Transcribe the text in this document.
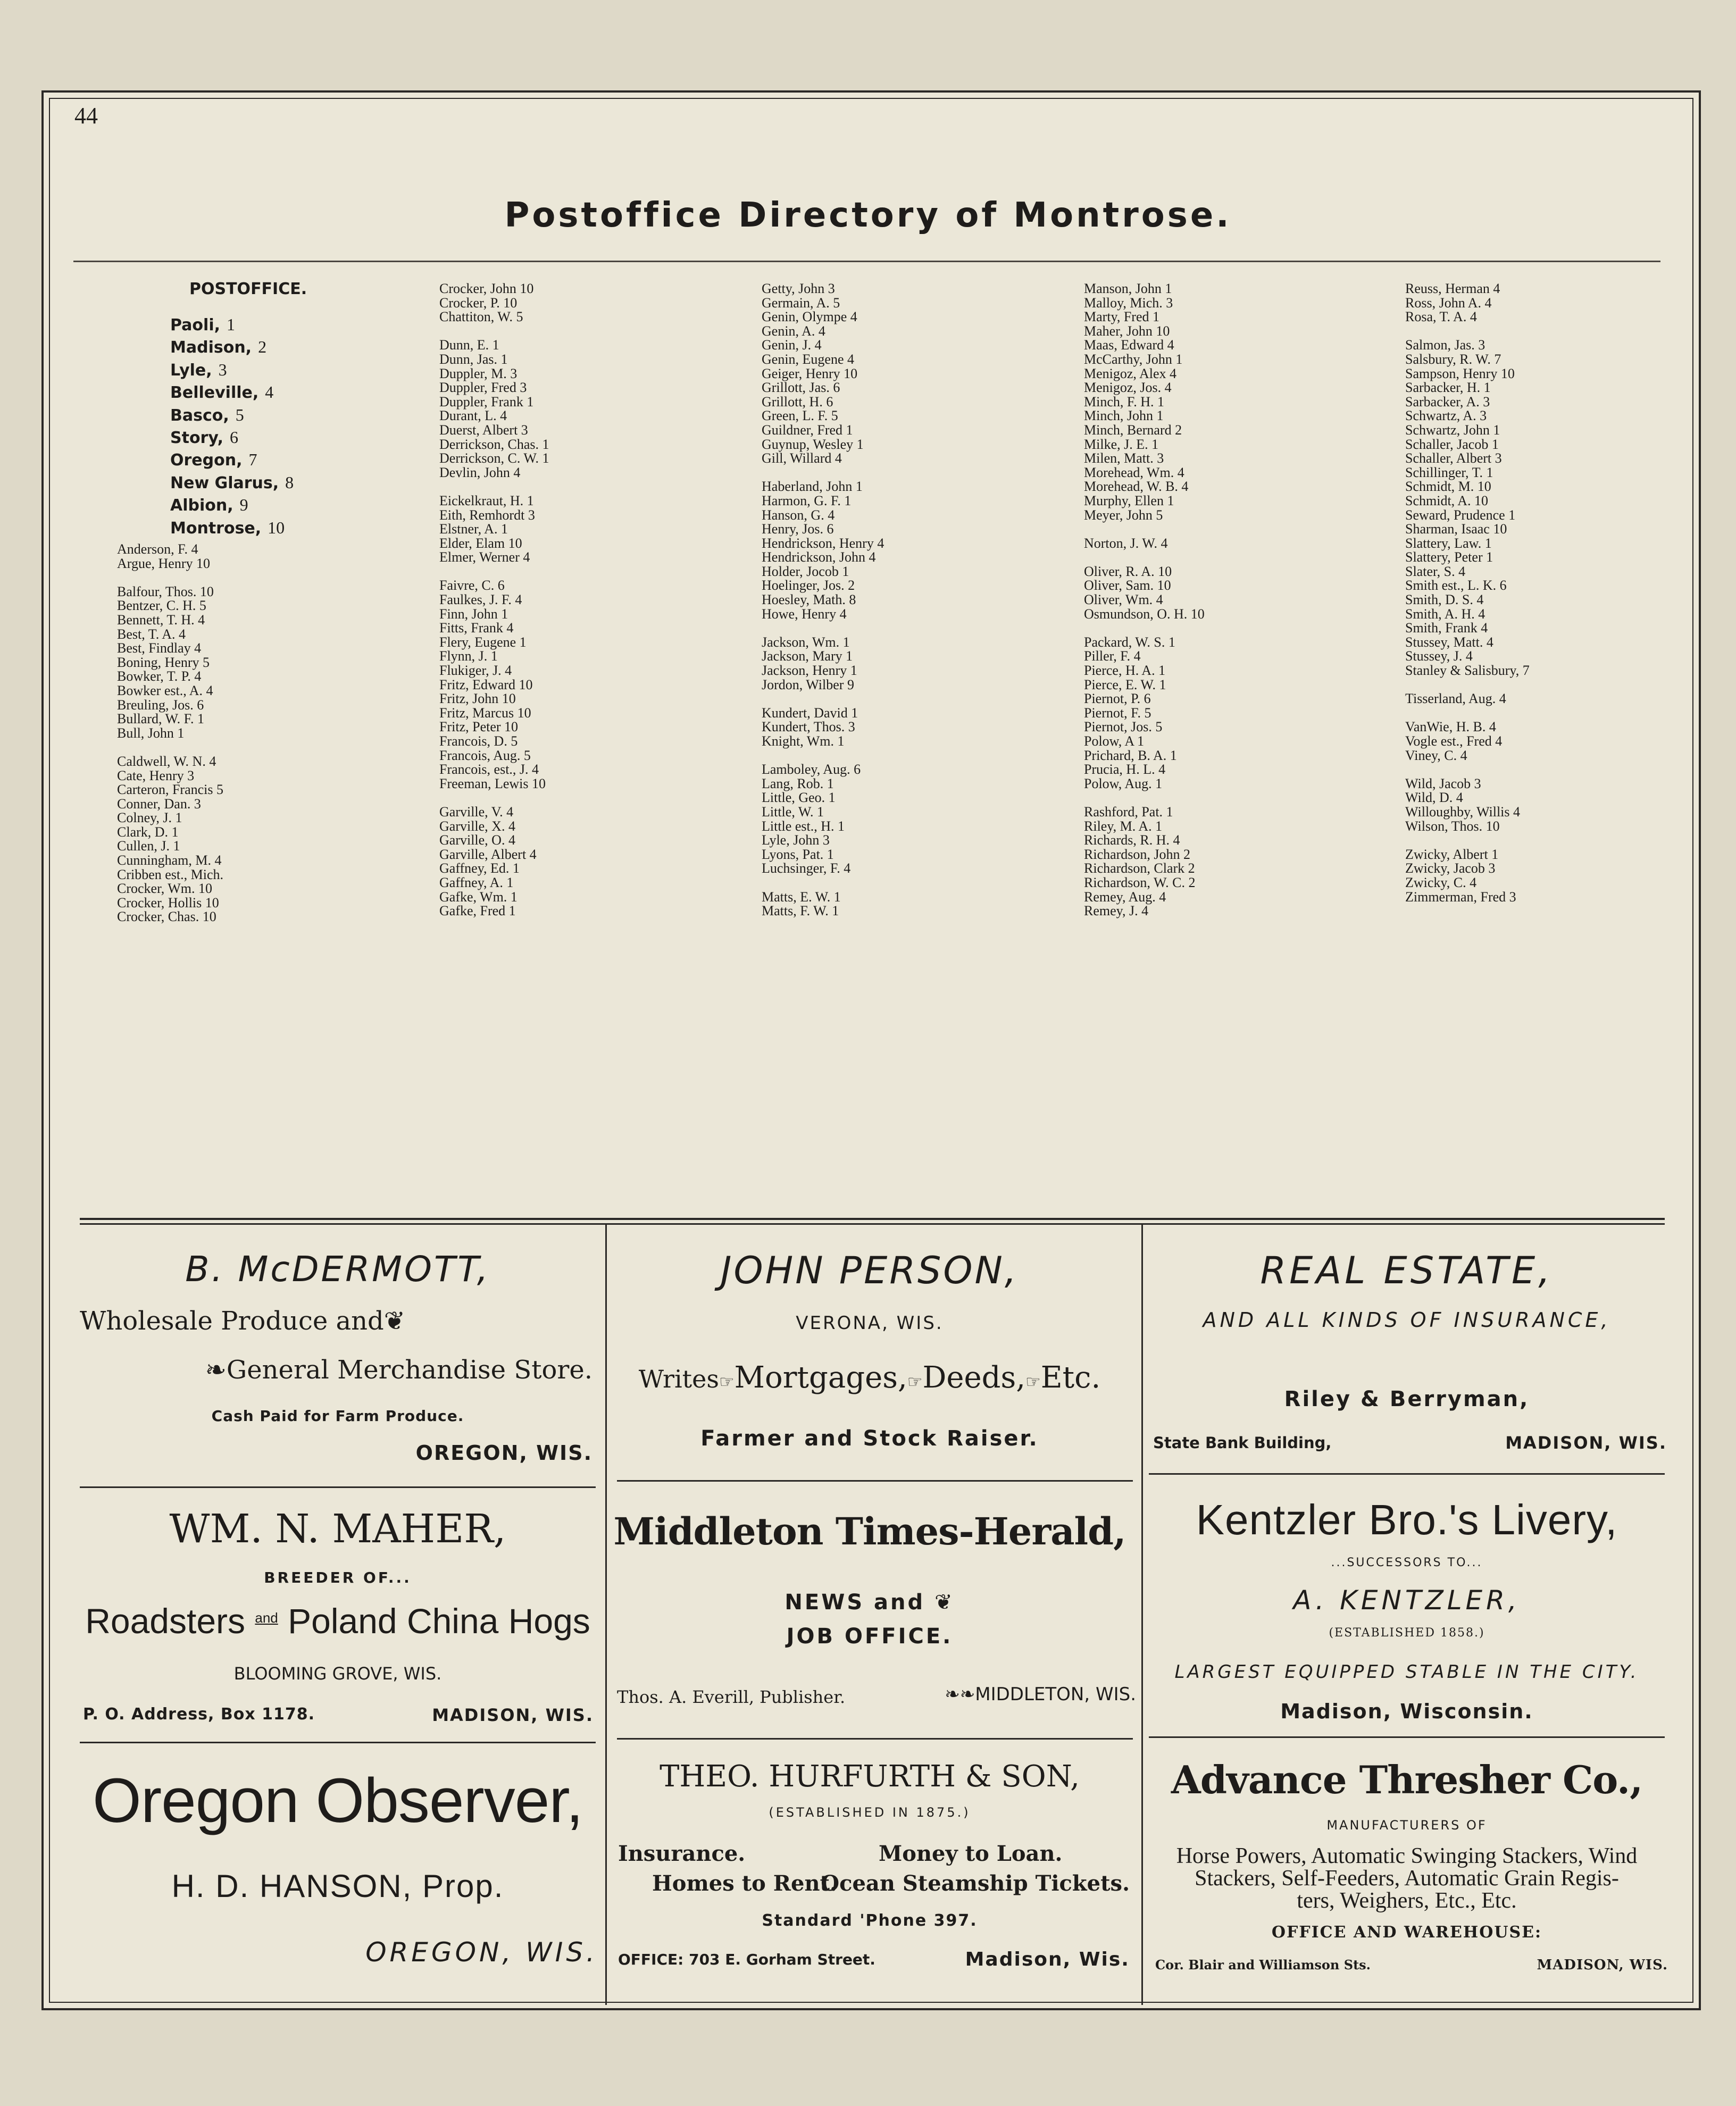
44
Postoffice Directory of Montrose.
POSTOFFICE.
Paoli, 1
Madison, 2
Lyle, 3
Belleville, 4
Basco, 5
Story, 6
Oregon, 7
New Glarus, 8
Albion, 9
Montrose, 10
Anderson, F. 4
Argue, Henry 10
Balfour, Thos. 10
Bentzer, C. H. 5
Bennett, T. H. 4
Best, T. A. 4
Best, Findlay 4
Boning, Henry 5
Bowker, T. P. 4
Bowker est., A. 4
Breuling, Jos. 6
Bullard, W. F. 1
Bull, John 1
Caldwell, W. N. 4
Cate, Henry 3
Carteron, Francis 5
Conner, Dan. 3
Colney, J. 1
Clark, D. 1
Cullen, J. 1
Cunningham, M. 4
Cribben est., Mich.
Crocker, Wm. 10
Crocker, Hollis 10
Crocker, Chas. 10
Crocker, John 10
Crocker, P. 10
Chattiton, W. 5
Dunn, E. 1
Dunn, Jas. 1
Duppler, M. 3
Duppler, Fred 3
Duppler, Frank 1
Durant, L. 4
Duerst, Albert 3
Derrickson, Chas. 1
Derrickson, C. W. 1
Devlin, John 4
Eickelkraut, H. 1
Eith, Remhordt 3
Elstner, A. 1
Elder, Elam 10
Elmer, Werner 4
Faivre, C. 6
Faulkes, J. F. 4
Finn, John 1
Fitts, Frank 4
Flery, Eugene 1
Flynn, J. 1
Flukiger, J. 4
Fritz, Edward 10
Fritz, John 10
Fritz, Marcus 10
Fritz, Peter 10
Francois, D. 5
Francois, Aug. 5
Francois, est., J. 4
Freeman, Lewis 10
Garville, V. 4
Garville, X. 4
Garville, O. 4
Garville, Albert 4
Gaffney, Ed. 1
Gaffney, A. 1
Gafke, Wm. 1
Gafke, Fred 1
Getty, John 3
Germain, A. 5
Genin, Olympe 4
Genin, A. 4
Genin, J. 4
Genin, Eugene 4
Geiger, Henry 10
Grillott, Jas. 6
Grillott, H. 6
Green, L. F. 5
Guildner, Fred 1
Guynup, Wesley 1
Gill, Willard 4
Haberland, John 1
Harmon, G. F. 1
Hanson, G. 4
Henry, Jos. 6
Hendrickson, Henry 4
Hendrickson, John 4
Holder, Jocob 1
Hoelinger, Jos. 2
Hoesley, Math. 8
Howe, Henry 4
Jackson, Wm. 1
Jackson, Mary 1
Jackson, Henry 1
Jordon, Wilber 9
Kundert, David 1
Kundert, Thos. 3
Knight, Wm. 1
Lamboley, Aug. 6
Lang, Rob. 1
Little, Geo. 1
Little, W. 1
Little est., H. 1
Lyle, John 3
Lyons, Pat. 1
Luchsinger, F. 4
Matts, E. W. 1
Matts, F. W. 1
Manson, John 1
Malloy, Mich. 3
Marty, Fred 1
Maher, John 10
Maas, Edward 4
McCarthy, John 1
Menigoz, Alex 4
Menigoz, Jos. 4
Minch, F. H. 1
Minch, John 1
Minch, Bernard 2
Milke, J. E. 1
Milen, Matt. 3
Morehead, Wm. 4
Morehead, W. B. 4
Murphy, Ellen 1
Meyer, John 5
Norton, J. W. 4
Oliver, R. A. 10
Oliver, Sam. 10
Oliver, Wm. 4
Osmundson, O. H. 10
Packard, W. S. 1
Piller, F. 4
Pierce, H. A. 1
Pierce, E. W. 1
Piernot, P. 6
Piernot, F. 5
Piernot, Jos. 5
Polow, A 1
Prichard, B. A. 1
Prucia, H. L. 4
Polow, Aug. 1
Rashford, Pat. 1
Riley, M. A. 1
Richards, R. H. 4
Richardson, John 2
Richardson, Clark 2
Richardson, W. C. 2
Remey, Aug. 4
Remey, J. 4
Reuss, Herman 4
Ross, John A. 4
Rosa, T. A. 4
Salmon, Jas. 3
Salsbury, R. W. 7
Sampson, Henry 10
Sarbacker, H. 1
Sarbacker, A. 3
Schwartz, A. 3
Schwartz, John 1
Schaller, Jacob 1
Schaller, Albert 3
Schillinger, T. 1
Schmidt, M. 10
Schmidt, A. 10
Seward, Prudence 1
Sharman, Isaac 10
Slattery, Law. 1
Slattery, Peter 1
Slater, S. 4
Smith est., L. K. 6
Smith, D. S. 4
Smith, A. H. 4
Smith, Frank 4
Stussey, Matt. 4
Stussey, J. 4
Stanley & Salisbury, 7
Tisserland, Aug. 4
VanWie, H. B. 4
Vogle est., Fred 4
Viney, C. 4
Wild, Jacob 3
Wild, D. 4
Willoughby, Willis 4
Wilson, Thos. 10
Zwicky, Albert 1
Zwicky, Jacob 3
Zwicky, C. 4
Zimmerman, Fred 3
B. McDERMOTT,
Wholesale Produce and❦
❧General Merchandise Store.
Cash Paid for Farm Produce.
OREGON, WIS.
JOHN PERSON,
VERONA, WIS.
Writes☞Mortgages,☞Deeds,☞Etc.
Farmer and Stock Raiser.
REAL ESTATE,
AND ALL KINDS OF INSURANCE,
Riley & Berryman,
State Bank Building,	MADISON, WIS.
WM. N. MAHER,
BREEDER OF...
Roadsters $^{and}$ Poland China Hogs
BLOOMING GROVE, WIS.
P. O. Address, Box 1178.	MADISON, WIS.
Middleton Times-Herald,
NEWS and ❦
JOB OFFICE.
Thos. A. Everill, Publisher.	❧❧MIDDLETON, WIS.
Kentzler Bro.'s Livery,
...SUCCESSORS TO...
A. KENTZLER,
(ESTABLISHED 1858.)
LARGEST EQUIPPED STABLE IN THE CITY.
Madison, Wisconsin.
Oregon Observer,
H. D. HANSON, Prop.
OREGON, WIS.
THEO. HURFURTH & SON,
(ESTABLISHED IN 1875.)
Insurance.	Money to Loan.
Homes to Rent.
Ocean Steamship Tickets.
Standard 'Phone 397.
OFFICE: 703 E. Gorham Street.	Madison, Wis.
Advance Thresher Co.,
MANUFACTURERS OF
Horse Powers, Automatic Swinging Stackers, Wind
Stackers, Self-Feeders, Automatic Grain Regis-
ters, Weighers, Etc., Etc.
OFFICE AND WAREHOUSE:
Cor. Blair and Williamson Sts.	MADISON, WIS.
